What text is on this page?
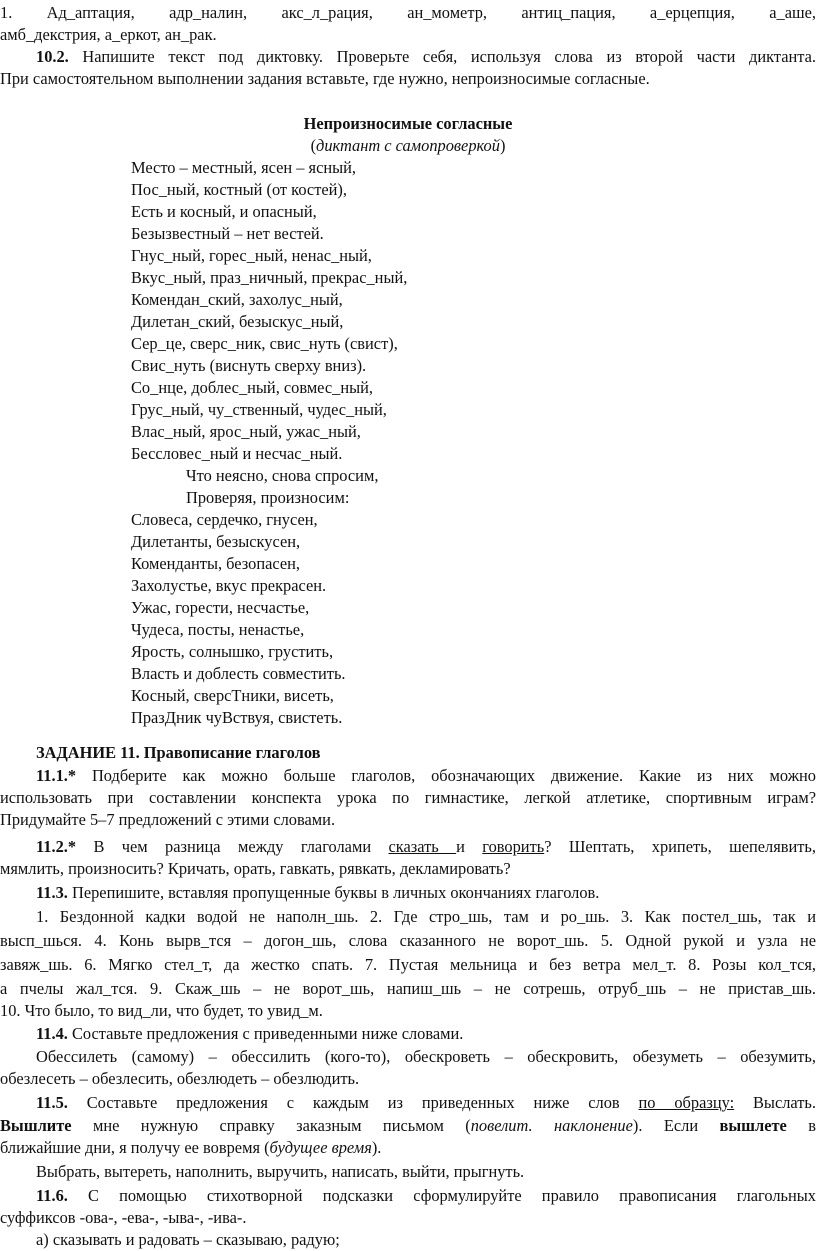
1.  Ад_аптация,  адр_налин,  акс_л_рация,  ан_мометр,  антиц_пация,  а_ерцепция,  а_аше,
амб_декстрия, а_еркот, ан_рак.
10.2. Напишите текст под диктовку. Проверьте себя, используя слова из второй части диктанта.
При самостоятельном выполнении задания вставьте, где нужно, непроизносимые согласные.
Непроизносимые согласные
(диктант с самопроверкой)
Место – местный, ясен – ясный,
Пос_ный, костный (от костей),
Есть и косный, и опасный,
Безызвестный – нет вестей.
Гнус_ный, горес_ный, ненас_ный,
Вкус_ный, праз_ничный, прекрас_ный,
Комендан_ский, захолус_ный,
Дилетан_ский, безыскус_ный,
Сер_це, сверс_ник, свис_нуть (свист),
Свис_нуть (виснуть сверху вниз).
Со_нце, доблес_ный, совмес_ный,
Грус_ный, чу_ственный, чудес_ный,
Влас_ный, ярос_ный, ужас_ный,
Бессловес_ный и несчас_ный.
Что неясно, снова спросим,
Проверяя, произносим:
Словеса, сердечко, гнусен,
Дилетанты, безыскусен,
Коменданты, безопасен,
Захолустье, вкус прекрасен.
Ужас, горести, несчастье,
Чудеса, посты, ненастье,
Ярость, солнышко, грустить,
Власть и доблесть совместить.
Косный, сверсТники, висеть,
ПразДник чуВствуя, свистеть.
ЗАДАНИЕ 11. Правописание глаголов
11.1.* Подберите как можно больше глаголов, обозначающих движение. Какие из них можно
использовать при составлении конспекта урока по гимнастике, легкой атлетике, спортивным играм?
Придумайте 5–7 предложений с этими словами.
11.2.* В чем разница между глаголами сказать и говорить? Шептать, хрипеть, шепелявить,
мямлить, произносить? Кричать, орать, гавкать, рявкать, декламировать?
11.3. Перепишите, вставляя пропущенные буквы в личных окончаниях глаголов.
1. Бездонной кадки водой не наполн_шь. 2. Где стро_шь, там и ро_шь. 3. Как постел_шь, так и
высп_шься. 4. Конь вырв_тся – догон_шь, слова сказанного не ворот_шь. 5. Одной рукой и узла не
завяж_шь. 6. Мягко стел_т, да жестко спать. 7. Пустая мельница и без ветра мел_т. 8. Розы кол_тся,
а пчелы жал_тся. 9. Скаж_шь – не ворот_шь, напиш_шь – не сотрешь, отруб_шь – не пристав_шь.
10. Что было, то вид_ли, что будет, то увид_м.
11.4. Составьте предложения с приведенными ниже словами.
Обессилеть (самому) – обессилить (кого-то), обескроветь – обескровить, обезуметь – обезумить,
обезлесеть – обезлесить, обезлюдеть – обезлюдить.
11.5. Составьте предложения с каждым из приведенных ниже слов по образцу: Выслать.
Вышлите мне нужную справку заказным письмом (повелит. наклонение). Если вышлете в
ближайшие дни, я получу ее вовремя (будущее время).
Выбрать, вытереть, наполнить, выручить, написать, выйти, прыгнуть.
11.6. С помощью стихотворной подсказки сформулируйте правило правописания глагольных
суффиксов -ова-, -ева-, -ыва-, -ива-.
а) сказывать и радовать – сказываю, радую;
